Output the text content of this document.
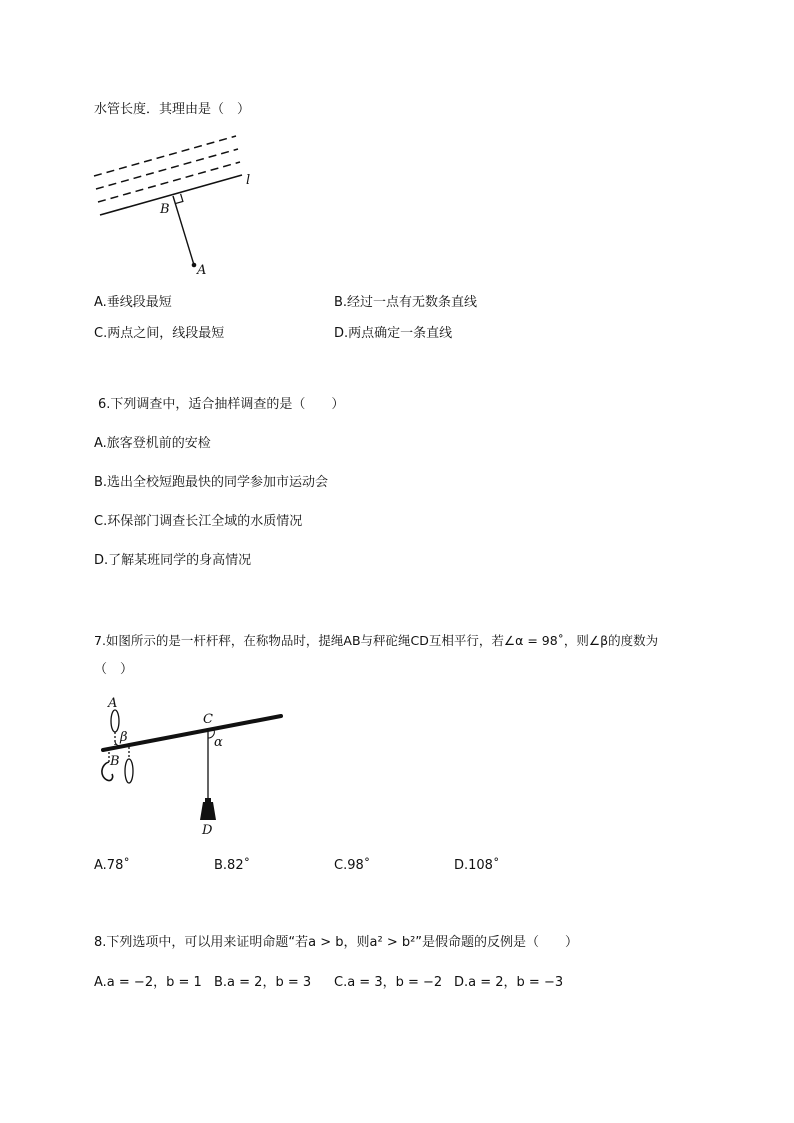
水管长度．其理由是（　）
l
B
A
A.垂线段最短	B.经过一点有无数条直线
C.两点之间，线段最短	D.两点确定一条直线
6.下列调查中，适合抽样调查的是（　　）
A.旅客登机前的安检
B.选出全校短跑最快的同学参加市运动会
C.环保部门调查长江全域的水质情况
D.了解某班同学的身高情况
7.如图所示的是一杆杆秤，在称物品时，提绳AB与秤砣绳CD互相平行，若∠α = 98˚，则∠β的度数为
（　）
A
B
C
D
α
β
A.78˚	B.82˚	C.98˚	D.108˚
8.下列选项中，可以用来证明命题“若a > b，则a² > b²”是假命题的反例是（　　）
A.a = −2，b = 1 B.a = 2，b = 3 C.a = 3，b = −2 D.a = 2，b = −3
